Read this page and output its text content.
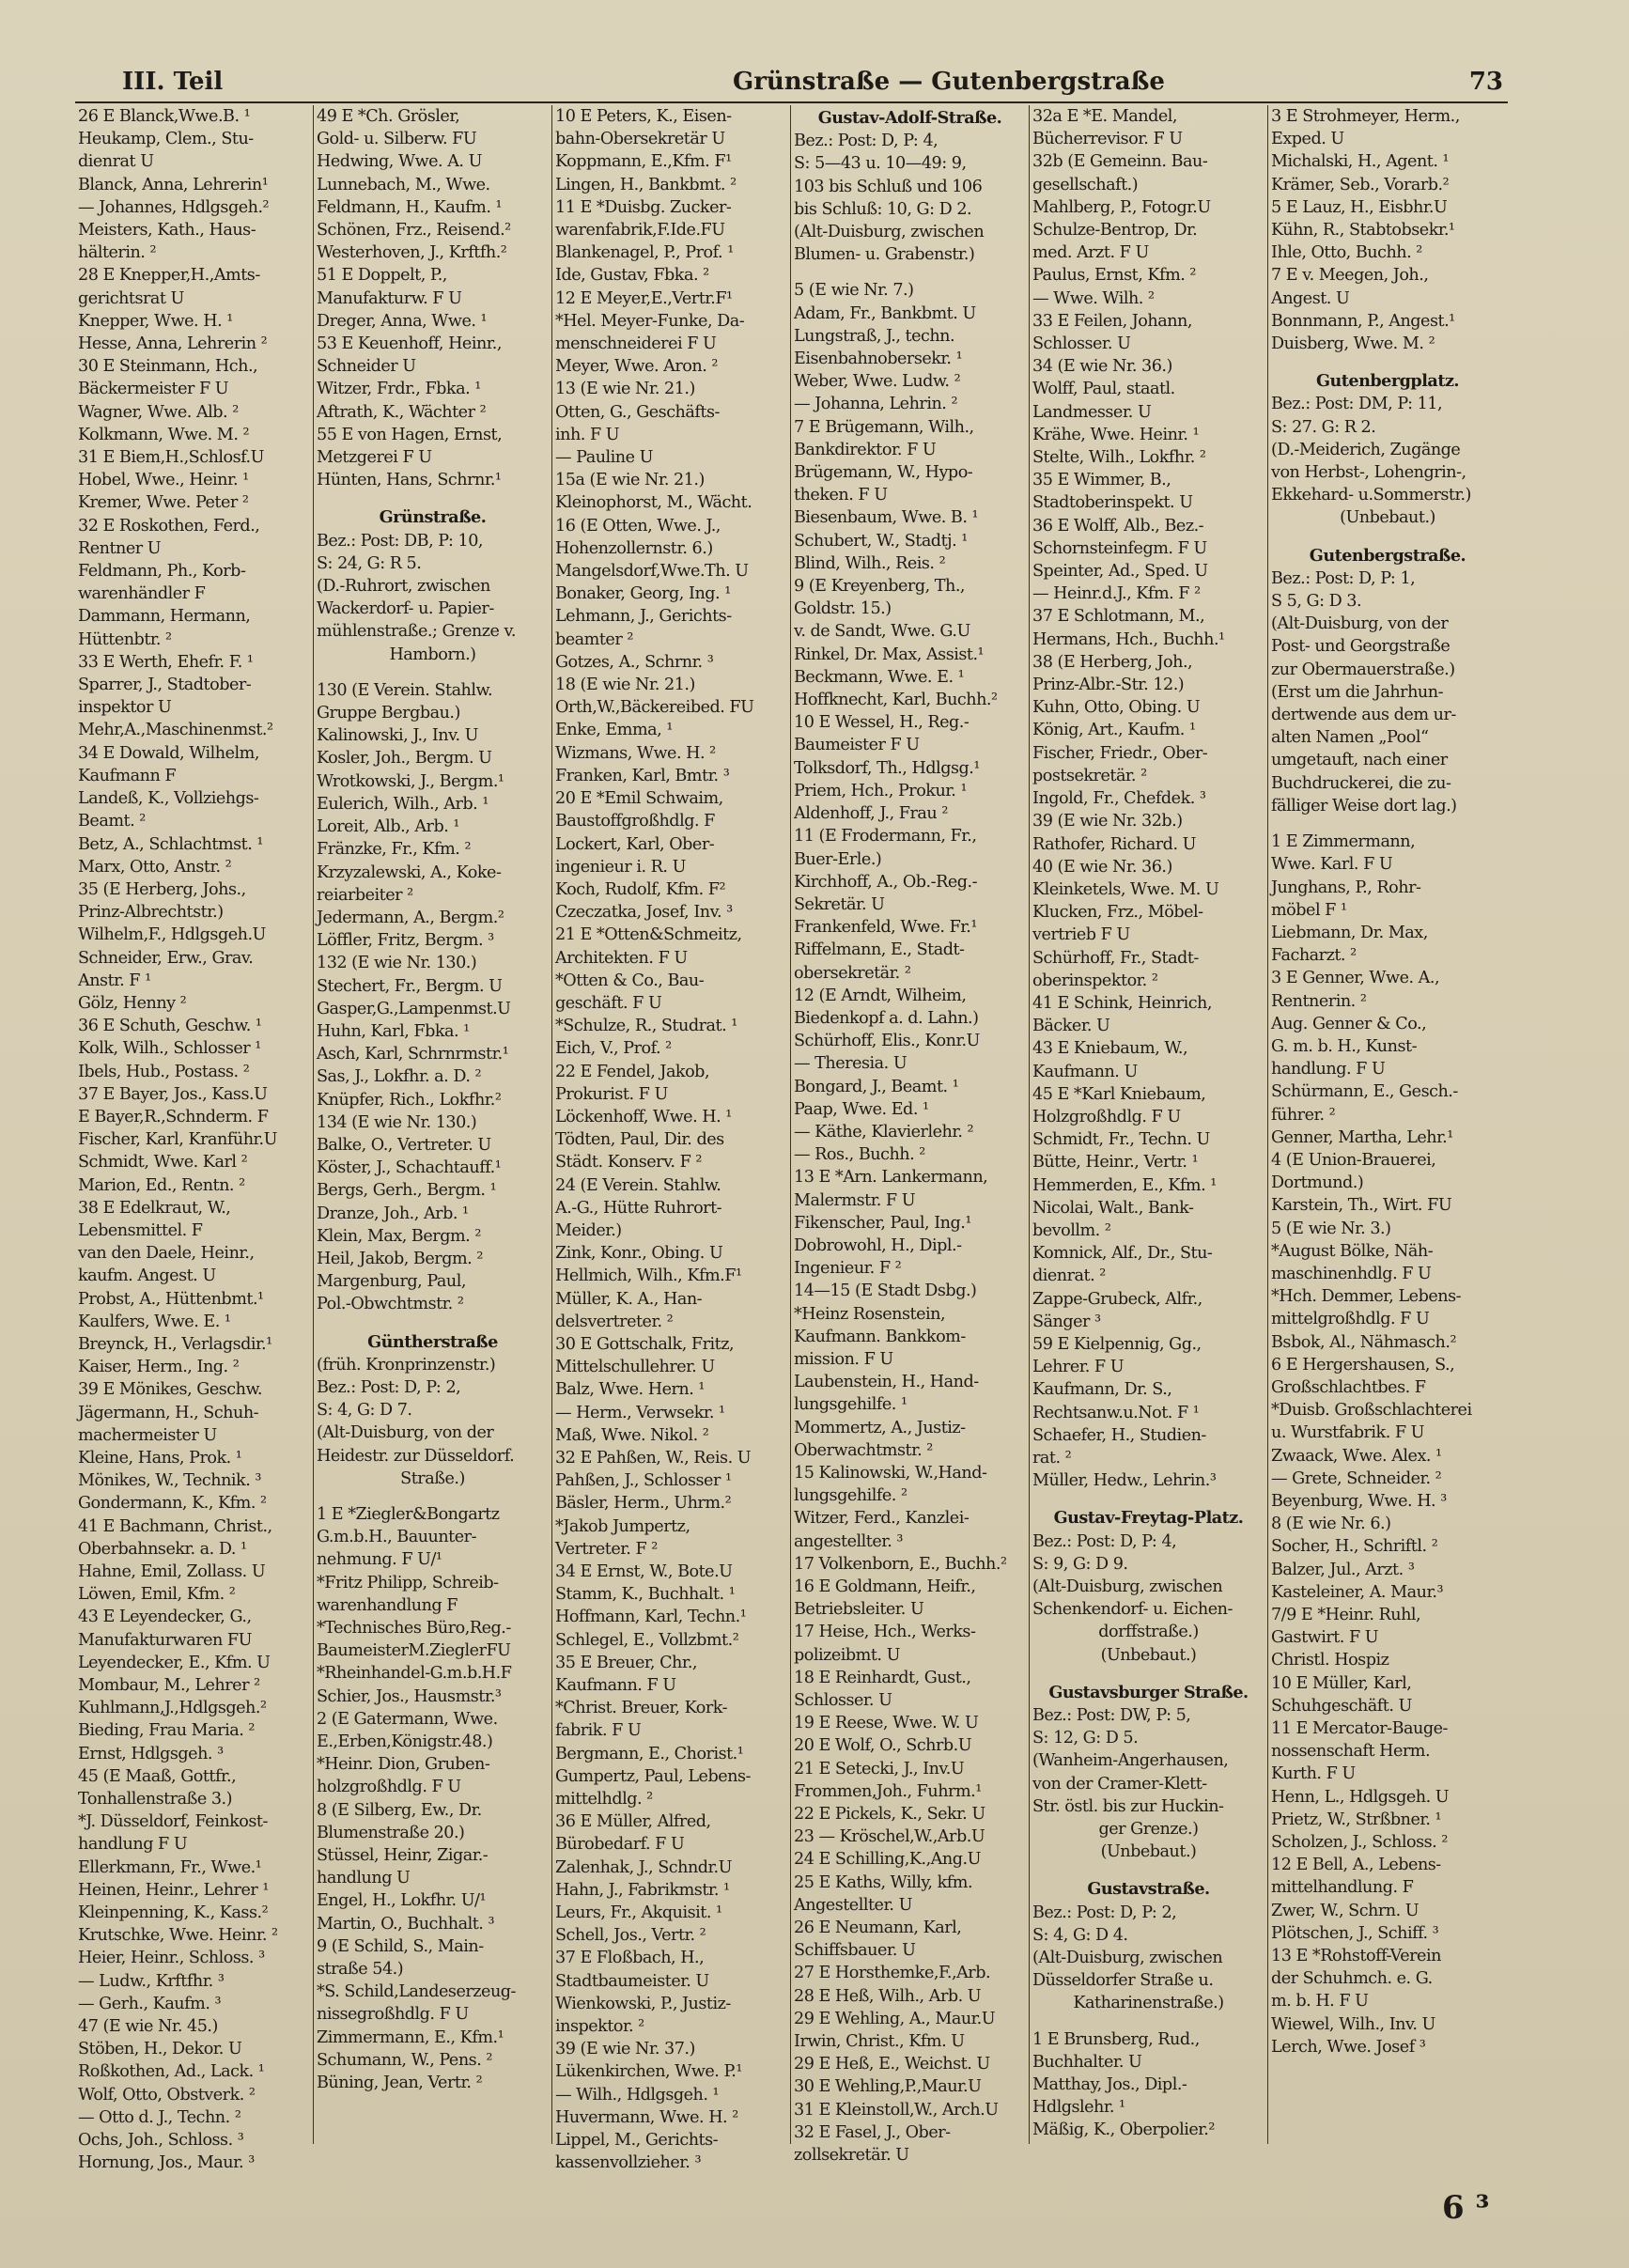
III. Teil	Grünstraße — Gutenbergstraße	73
26 E Blanck,Wwe.B. ¹
Heukamp, Clem., Stu-
dienrat U
Blanck, Anna, Lehrerin¹
— Johannes, Hdlgsgeh.²
Meisters, Kath., Haus-
hälterin. ²
28 E Knepper,H.,Amts-
gerichtsrat U
Knepper, Wwe. H. ¹
Hesse, Anna, Lehrerin ²
30 E Steinmann, Hch.,
Bäckermeister F U
Wagner, Wwe. Alb. ²
Kolkmann, Wwe. M. ²
31 E Biem,H.,Schlosf.U
Hobel, Wwe., Heinr. ¹
Kremer, Wwe. Peter ²
32 E Roskothen, Ferd.,
Rentner U
Feldmann, Ph., Korb-
warenhändler F
Dammann, Hermann,
Hüttenbtr. ²
33 E Werth, Ehefr. F. ¹
Sparrer, J., Stadtober-
inspektor U
Mehr,A.,Maschinenmst.²
34 E Dowald, Wilhelm,
Kaufmann F
Landeß, K., Vollziehgs-
Beamt. ²
Betz, A., Schlachtmst. ¹
Marx, Otto, Anstr. ²
35 (E Herberg, Johs.,
Prinz-Albrechtstr.)
Wilhelm,F., Hdlgsgeh.U
Schneider, Erw., Grav.
Anstr. F ¹
Gölz, Henny ²
36 E Schuth, Geschw. ¹
Kolk, Wilh., Schlosser ¹
Ibels, Hub., Postass. ²
37 E Bayer, Jos., Kass.U
E Bayer,R.,Schnderm. F
Fischer, Karl, Kranführ.U
Schmidt, Wwe. Karl ²
Marion, Ed., Rentn. ²
38 E Edelkraut, W.,
Lebensmittel. F
van den Daele, Heinr.,
kaufm. Angest. U
Probst, A., Hüttenbmt.¹
Kaulfers, Wwe. E. ¹
Breynck, H., Verlagsdir.¹
Kaiser, Herm., Ing. ²
39 E Mönikes, Geschw.
Jägermann, H., Schuh-
machermeister U
Kleine, Hans, Prok. ¹
Mönikes, W., Technik. ³
Gondermann, K., Kfm. ²
41 E Bachmann, Christ.,
Oberbahnsekr. a. D. ¹
Hahne, Emil, Zollass. U
Löwen, Emil, Kfm. ²
43 E Leyendecker, G.,
Manufakturwaren FU
Leyendecker, E., Kfm. U
Mombaur, M., Lehrer ²
Kuhlmann,J.,Hdlgsgeh.²
Bieding, Frau Maria. ²
Ernst, Hdlgsgeh. ³
45 (E Maaß, Gottfr.,
Tonhallenstraße 3.)
*J. Düsseldorf, Feinkost-
handlung F U
Ellerkmann, Fr., Wwe.¹
Heinen, Heinr., Lehrer ¹
Kleinpenning, K., Kass.²
Krutschke, Wwe. Heinr. ²
Heier, Heinr., Schloss. ³
— Ludw., Krftfhr. ³
— Gerh., Kaufm. ³
47 (E wie Nr. 45.)
Stöben, H., Dekor. U
Roßkothen, Ad., Lack. ¹
Wolf, Otto, Obstverk. ²
— Otto d. J., Techn. ²
Ochs, Joh., Schloss. ³
Hornung, Jos., Maur. ³
49 E *Ch. Grösler,
Gold- u. Silberw. FU
Hedwing, Wwe. A. U
Lunnebach, M., Wwe.
Feldmann, H., Kaufm. ¹
Schönen, Frz., Reisend.²
Westerhoven, J., Krftfh.²
51 E Doppelt, P.,
Manufakturw. F U
Dreger, Anna, Wwe. ¹
53 E Keuenhoff, Heinr.,
Schneider U
Witzer, Frdr., Fbka. ¹
Aftrath, K., Wächter ²
55 E von Hagen, Ernst,
Metzgerei F U
Hünten, Hans, Schrnr.¹
Grünstraße.
Bez.: Post: DB, P: 10,
S: 24, G: R 5.
(D.-Ruhrort, zwischen
Wackerdorf- u. Papier-
mühlenstraße.; Grenze v.
Hamborn.)
130 (E Verein. Stahlw.
Gruppe Bergbau.)
Kalinowski, J., Inv. U
Kosler, Joh., Bergm. U
Wrotkowski, J., Bergm.¹
Eulerich, Wilh., Arb. ¹
Loreit, Alb., Arb. ¹
Fränzke, Fr., Kfm. ²
Krzyzalewski, A., Koke-
reiarbeiter ²
Jedermann, A., Bergm.²
Löffler, Fritz, Bergm. ³
132 (E wie Nr. 130.)
Stechert, Fr., Bergm. U
Gasper,G.,Lampenmst.U
Huhn, Karl, Fbka. ¹
Asch, Karl, Schrnrmstr.¹
Sas, J., Lokfhr. a. D. ²
Knüpfer, Rich., Lokfhr.²
134 (E wie Nr. 130.)
Balke, O., Vertreter. U
Köster, J., Schachtauff.¹
Bergs, Gerh., Bergm. ¹
Dranze, Joh., Arb. ¹
Klein, Max, Bergm. ²
Heil, Jakob, Bergm. ²
Margenburg, Paul,
Pol.-Obwchtmstr. ²
Güntherstraße
(früh. Kronprinzenstr.)
Bez.: Post: D, P: 2,
S: 4, G: D 7.
(Alt-Duisburg, von der
Heidestr. zur Düsseldorf.
Straße.)
1 E *Ziegler&Bongartz
G.m.b.H., Bauunter-
nehmung. F U/¹
*Fritz Philipp, Schreib-
warenhandlung F
*Technisches Büro,Reg.-
BaumeisterM.ZieglerFU
*Rheinhandel-G.m.b.H.F
Schier, Jos., Hausmstr.³
2 (E Gatermann, Wwe.
E.,Erben,Königstr.48.)
*Heinr. Dion, Gruben-
holzgroßhdlg. F U
8 (E Silberg, Ew., Dr.
Blumenstraße 20.)
Stüssel, Heinr, Zigar.-
handlung U
Engel, H., Lokfhr. U/¹
Martin, O., Buchhalt. ³
9 (E Schild, S., Main-
straße 54.)
*S. Schild,Landeserzeug-
nissegroßhdlg. F U
Zimmermann, E., Kfm.¹
Schumann, W., Pens. ²
Büning, Jean, Vertr. ²
10 E Peters, K., Eisen-
bahn-Obersekretär U
Koppmann, E.,Kfm. F¹
Lingen, H., Bankbmt. ²
11 E *Duisbg. Zucker-
warenfabrik,F.Ide.FU
Blankenagel, P., Prof. ¹
Ide, Gustav, Fbka. ²
12 E Meyer,E.,Vertr.F¹
*Hel. Meyer-Funke, Da-
menschneiderei F U
Meyer, Wwe. Aron. ²
13 (E wie Nr. 21.)
Otten, G., Geschäfts-
inh. F U
— Pauline U
15a (E wie Nr. 21.)
Kleinophorst, M., Wächt.
16 (E Otten, Wwe. J.,
Hohenzollernstr. 6.)
Mangelsdorf,Wwe.Th. U
Bonaker, Georg, Ing. ¹
Lehmann, J., Gerichts-
beamter ²
Gotzes, A., Schrnr. ³
18 (E wie Nr. 21.)
Orth,W.,Bäckereibed. FU
Enke, Emma, ¹
Wizmans, Wwe. H. ²
Franken, Karl, Bmtr. ³
20 E *Emil Schwaim,
Baustoffgroßhdlg. F
Lockert, Karl, Ober-
ingenieur i. R. U
Koch, Rudolf, Kfm. F²
Czeczatka, Josef, Inv. ³
21 E *Otten&Schmeitz,
Architekten. F U
*Otten & Co., Bau-
geschäft. F U
*Schulze, R., Studrat. ¹
Eich, V., Prof. ²
22 E Fendel, Jakob,
Prokurist. F U
Löckenhoff, Wwe. H. ¹
Tödten, Paul, Dir. des
Städt. Konserv. F ²
24 (E Verein. Stahlw.
A.-G., Hütte Ruhrort-
Meider.)
Zink, Konr., Obing. U
Hellmich, Wilh., Kfm.F¹
Müller, K. A., Han-
delsvertreter. ²
30 E Gottschalk, Fritz,
Mittelschullehrer. U
Balz, Wwe. Hern. ¹
— Herm., Verwsekr. ¹
Maß, Wwe. Nikol. ²
32 E Pahßen, W., Reis. U
Pahßen, J., Schlosser ¹
Bäsler, Herm., Uhrm.²
*Jakob Jumpertz,
Vertreter. F ²
34 E Ernst, W., Bote.U
Stamm, K., Buchhalt. ¹
Hoffmann, Karl, Techn.¹
Schlegel, E., Vollzbmt.²
35 E Breuer, Chr.,
Kaufmann. F U
*Christ. Breuer, Kork-
fabrik. F U
Bergmann, E., Chorist.¹
Gumpertz, Paul, Lebens-
mittelhdlg. ²
36 E Müller, Alfred,
Bürobedarf. F U
Zalenhak, J., Schndr.U
Hahn, J., Fabrikmstr. ¹
Leurs, Fr., Akquisit. ¹
Schell, Jos., Vertr. ²
37 E Floßbach, H.,
Stadtbaumeister. U
Wienkowski, P., Justiz-
inspektor. ²
39 (E wie Nr. 37.)
Lükenkirchen, Wwe. P.¹
— Wilh., Hdlgsgeh. ¹
Huvermann, Wwe. H. ²
Lippel, M., Gerichts-
kassenvollzieher. ³
Gustav-Adolf-Straße.
Bez.: Post: D, P: 4,
S: 5—43 u. 10—49: 9,
103 bis Schluß und 106
bis Schluß: 10, G: D 2.
(Alt-Duisburg, zwischen
Blumen- u. Grabenstr.)
5 (E wie Nr. 7.)
Adam, Fr., Bankbmt. U
Lungstraß, J., techn.
Eisenbahnobersekr. ¹
Weber, Wwe. Ludw. ²
— Johanna, Lehrin. ²
7 E Brügemann, Wilh.,
Bankdirektor. F U
Brügemann, W., Hypo-
theken. F U
Biesenbaum, Wwe. B. ¹
Schubert, W., Stadtj. ¹
Blind, Wilh., Reis. ²
9 (E Kreyenberg, Th.,
Goldstr. 15.)
v. de Sandt, Wwe. G.U
Rinkel, Dr. Max, Assist.¹
Beckmann, Wwe. E. ¹
Hoffknecht, Karl, Buchh.²
10 E Wessel, H., Reg.-
Baumeister F U
Tolksdorf, Th., Hdlgsg.¹
Priem, Hch., Prokur. ¹
Aldenhoff, J., Frau ²
11 (E Frodermann, Fr.,
Buer-Erle.)
Kirchhoff, A., Ob.-Reg.-
Sekretär. U
Frankenfeld, Wwe. Fr.¹
Riffelmann, E., Stadt-
obersekretär. ²
12 (E Arndt, Wilheim,
Biedenkopf a. d. Lahn.)
Schürhoff, Elis., Konr.U
— Theresia. U
Bongard, J., Beamt. ¹
Paap, Wwe. Ed. ¹
— Käthe, Klavierlehr. ²
— Ros., Buchh. ²
13 E *Arn. Lankermann,
Malermstr. F U
Fikenscher, Paul, Ing.¹
Dobrowohl, H., Dipl.-
Ingenieur. F ²
14—15 (E Stadt Dsbg.)
*Heinz Rosenstein,
Kaufmann. Bankkom-
mission. F U
Laubenstein, H., Hand-
lungsgehilfe. ¹
Mommertz, A., Justiz-
Oberwachtmstr. ²
15 Kalinowski, W.,Hand-
lungsgehilfe. ²
Witzer, Ferd., Kanzlei-
angestellter. ³
17 Volkenborn, E., Buchh.²
16 E Goldmann, Heifr.,
Betriebsleiter. U
17 Heise, Hch., Werks-
polizeibmt. U
18 E Reinhardt, Gust.,
Schlosser. U
19 E Reese, Wwe. W. U
20 E Wolf, O., Schrb.U
21 E Setecki, J., Inv.U
Frommen,Joh., Fuhrm.¹
22 E Pickels, K., Sekr. U
23 — Kröschel,W.,Arb.U
24 E Schilling,K.,Ang.U
25 E Kaths, Willy, kfm.
Angestellter. U
26 E Neumann, Karl,
Schiffsbauer. U
27 E Horsthemke,F.,Arb.
28 E Heß, Wilh., Arb. U
29 E Wehling, A., Maur.U
Irwin, Christ., Kfm. U
29 E Heß, E., Weichst. U
30 E Wehling,P.,Maur.U
31 E Kleinstoll,W., Arch.U
32 E Fasel, J., Ober-
zollsekretär. U
32a E *E. Mandel,
Bücherrevisor. F U
32b (E Gemeinn. Bau-
gesellschaft.)
Mahlberg, P., Fotogr.U
Schulze-Bentrop, Dr.
med. Arzt. F U
Paulus, Ernst, Kfm. ²
— Wwe. Wilh. ²
33 E Feilen, Johann,
Schlosser. U
34 (E wie Nr. 36.)
Wolff, Paul, staatl.
Landmesser. U
Krähe, Wwe. Heinr. ¹
Stelte, Wilh., Lokfhr. ²
35 E Wimmer, B.,
Stadtoberinspekt. U
36 E Wolff, Alb., Bez.-
Schornsteinfegm. F U
Speinter, Ad., Sped. U
— Heinr.d.J., Kfm. F ²
37 E Schlotmann, M.,
Hermans, Hch., Buchh.¹
38 (E Herberg, Joh.,
Prinz-Albr.-Str. 12.)
Kuhn, Otto, Obing. U
König, Art., Kaufm. ¹
Fischer, Friedr., Ober-
postsekretär. ²
Ingold, Fr., Chefdek. ³
39 (E wie Nr. 32b.)
Rathofer, Richard. U
40 (E wie Nr. 36.)
Kleinketels, Wwe. M. U
Klucken, Frz., Möbel-
vertrieb F U
Schürhoff, Fr., Stadt-
oberinspektor. ²
41 E Schink, Heinrich,
Bäcker. U
43 E Kniebaum, W.,
Kaufmann. U
45 E *Karl Kniebaum,
Holzgroßhdlg. F U
Schmidt, Fr., Techn. U
Bütte, Heinr., Vertr. ¹
Hemmerden, E., Kfm. ¹
Nicolai, Walt., Bank-
bevollm. ²
Komnick, Alf., Dr., Stu-
dienrat. ²
Zappe-Grubeck, Alfr.,
Sänger ³
59 E Kielpennig, Gg.,
Lehrer. F U
Kaufmann, Dr. S.,
Rechtsanw.u.Not. F ¹
Schaefer, H., Studien-
rat. ²
Müller, Hedw., Lehrin.³
Gustav-Freytag-Platz.
Bez.: Post: D, P: 4,
S: 9, G: D 9.
(Alt-Duisburg, zwischen
Schenkendorf- u. Eichen-
dorffstraße.)
(Unbebaut.)
Gustavsburger Straße.
Bez.: Post: DW, P: 5,
S: 12, G: D 5.
(Wanheim-Angerhausen,
von der Cramer-Klett-
Str. östl. bis zur Huckin-
ger Grenze.)
(Unbebaut.)
Gustavstraße.
Bez.: Post: D, P: 2,
S: 4, G: D 4.
(Alt-Duisburg, zwischen
Düsseldorfer Straße u.
Katharinenstraße.)
1 E Brunsberg, Rud.,
Buchhalter. U
Matthay, Jos., Dipl.-
Hdlgslehr. ¹
Mäßig, K., Oberpolier.²
3 E Strohmeyer, Herm.,
Exped. U
Michalski, H., Agent. ¹
Krämer, Seb., Vorarb.²
5 E Lauz, H., Eisbhr.U
Kühn, R., Stabtobsekr.¹
Ihle, Otto, Buchh. ²
7 E v. Meegen, Joh.,
Angest. U
Bonnmann, P., Angest.¹
Duisberg, Wwe. M. ²
Gutenbergplatz.
Bez.: Post: DM, P: 11,
S: 27. G: R 2.
(D.-Meiderich, Zugänge
von Herbst-, Lohengrin-,
Ekkehard- u.Sommerstr.)
(Unbebaut.)
Gutenbergstraße.
Bez.: Post: D, P: 1,
S 5, G: D 3.
(Alt-Duisburg, von der
Post- und Georgstraße
zur Obermauerstraße.)
(Erst um die Jahrhun-
dertwende aus dem ur-
alten Namen „Pool“
umgetauft, nach einer
Buchdruckerei, die zu-
fälliger Weise dort lag.)
1 E Zimmermann,
Wwe. Karl. F U
Junghans, P., Rohr-
möbel F ¹
Liebmann, Dr. Max,
Facharzt. ²
3 E Genner, Wwe. A.,
Rentnerin. ²
Aug. Genner & Co.,
G. m. b. H., Kunst-
handlung. F U
Schürmann, E., Gesch.-
führer. ²
Genner, Martha, Lehr.¹
4 (E Union-Brauerei,
Dortmund.)
Karstein, Th., Wirt. FU
5 (E wie Nr. 3.)
*August Bölke, Näh-
maschinenhdlg. F U
*Hch. Demmer, Lebens-
mittelgroßhdlg. F U
Bsbok, Al., Nähmasch.²
6 E Hergershausen, S.,
Großschlachtbes. F
*Duisb. Großschlachterei
u. Wurstfabrik. F U
Zwaack, Wwe. Alex. ¹
— Grete, Schneider. ²
Beyenburg, Wwe. H. ³
8 (E wie Nr. 6.)
Socher, H., Schriftl. ²
Balzer, Jul., Arzt. ³
Kasteleiner, A. Maur.³
7/9 E *Heinr. Ruhl,
Gastwirt. F U
Christl. Hospiz
10 E Müller, Karl,
Schuhgeschäft. U
11 E Mercator-Bauge-
nossenschaft Herm.
Kurth. F U
Henn, L., Hdlgsgeh. U
Prietz, W., Strßbner. ¹
Scholzen, J., Schloss. ²
12 E Bell, A., Lebens-
mittelhandlung. F
Zwer, W., Schrn. U
Plötschen, J., Schiff. ³
13 E *Rohstoff-Verein
der Schuhmch. e. G.
m. b. H. F U
Wiewel, Wilh., Inv. U
Lerch, Wwe. Josef ³
6 ³
